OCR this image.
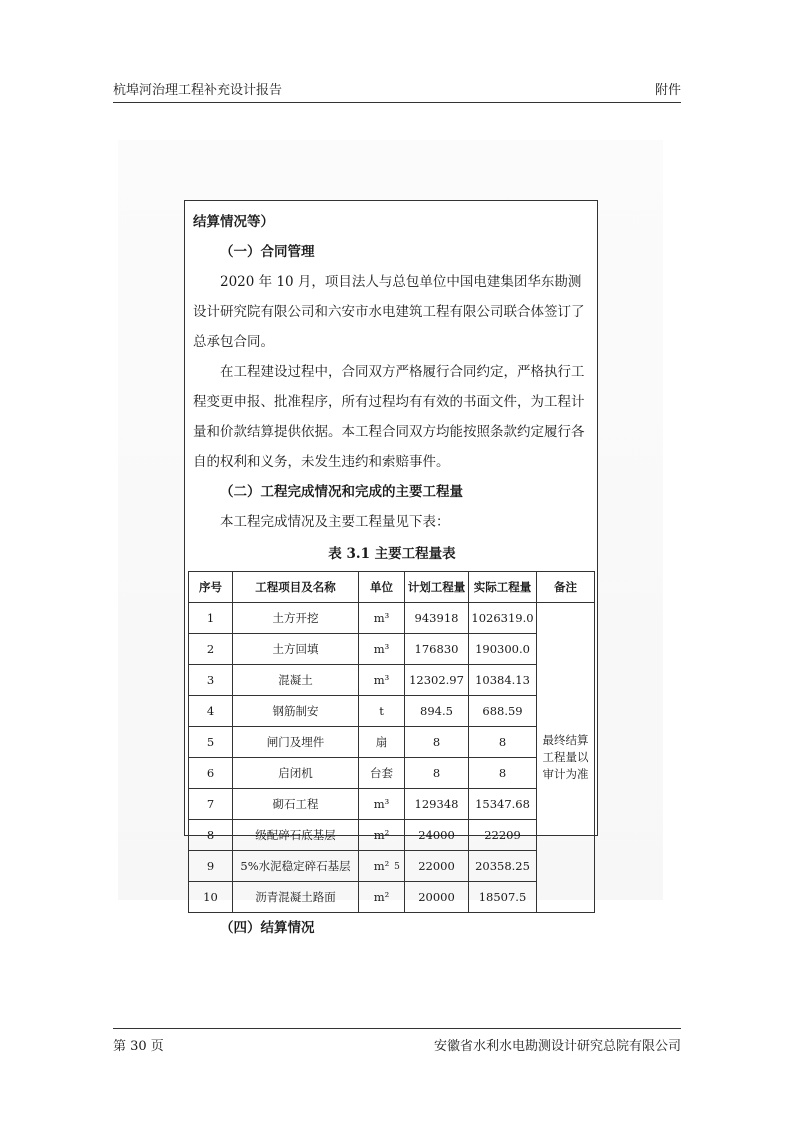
杭埠河治理工程补充设计报告	附件

结算情况等）

（一）合同管理

2020 年 10 月，项目法人与总包单位中国电建集团华东勘测设计研究院有限公司和六安市水电建筑工程有限公司联合体签订了总承包合同。

在工程建设过程中，合同双方严格履行合同约定，严格执行工程变更申报、批准程序，所有过程均有有效的书面文件，为工程计量和价款结算提供依据。本工程合同双方均能按照条款约定履行各自的权利和义务，未发生违约和索赔事件。

（二）工程完成情况和完成的主要工程量

本工程完成情况及主要工程量见下表：

表 3.1 主要工程量表

序号	工程项目及名称	单位	计划工程量	实际工程量	备注
1	土方开挖	m³	943918	1026319.0	最终结算工程量以审计为准
2	土方回填	m³	176830	190300.0	
3	混凝土	m³	12302.97	10384.13	
4	钢筋制安	t	894.5	688.59	
5	闸门及埋件	扇	8	8	
6	启闭机	台套	8	8	
7	砌石工程	m³	129348	15347.68	
8	级配碎石底基层	m²	24000	22209	
9	5%水泥稳定碎石基层	m²	22000	20358.25	
10	沥青混凝土路面	m²	20000	18507.5	

（四）结算情况

5
第 30 页	安徽省水利水电勘测设计研究总院有限公司
